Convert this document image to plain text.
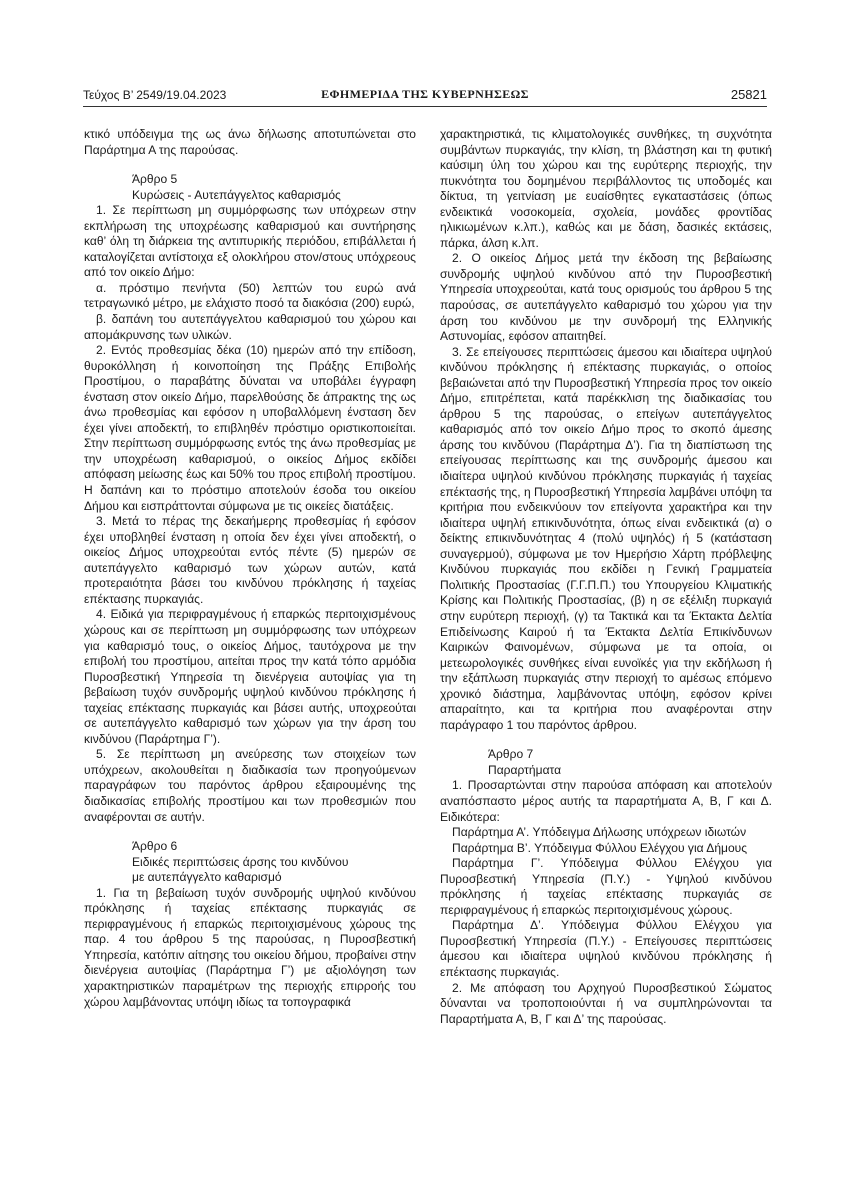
Τεύχος Β’ 2549/19.04.2023	ΕΦΗΜΕΡΙΔΑ ΤΗΣ ΚΥΒΕΡΝΗΣΕΩΣ	25821

κτικό υπόδειγμα της ως άνω δήλωσης αποτυπώνεται στο Παράρτημα Α της παρούσας.

Άρθρο 5

Κυρώσεις - Αυτεπάγγελτος καθαρισμός

1. Σε περίπτωση μη συμμόρφωσης των υπόχρεων στην εκπλήρωση της υποχρέωσης καθαρισμού και συντήρησης καθ’ όλη τη διάρκεια της αντιπυρικής περιόδου, επιβάλλεται ή καταλογίζεται αντίστοιχα εξ ολοκλήρου στον/στους υπόχρεους από τον οικείο Δήμο:

α. πρόστιμο πενήντα (50) λεπτών του ευρώ ανά τετραγωνικό μέτρο, με ελάχιστο ποσό τα διακόσια (200) ευρώ,

β. δαπάνη του αυτεπάγγελτου καθαρισμού του χώρου και απομάκρυνσης των υλικών.

2. Εντός προθεσμίας δέκα (10) ημερών από την επίδοση, θυροκόλληση ή κοινοποίηση της Πράξης Επιβολής Προστίμου, ο παραβάτης δύναται να υποβάλει έγγραφη ένσταση στον οικείο Δήμο, παρελθούσης δε άπρακτης της ως άνω προθεσμίας και εφόσον η υποβαλλόμενη ένσταση δεν έχει γίνει αποδεκτή, το επιβληθέν πρόστιμο οριστικοποιείται. Στην περίπτωση συμμόρφωσης εντός της άνω προθεσμίας με την υποχρέωση καθαρισμού, ο οικείος Δήμος εκδίδει απόφαση μείωσης έως και 50% του προς επιβολή προστίμου. Η δαπάνη και το πρόστιμο αποτελούν έσοδα του οικείου Δήμου και εισπράττονται σύμφωνα με τις οικείες διατάξεις.

3. Μετά το πέρας της δεκαήμερης προθεσμίας ή εφόσον έχει υποβληθεί ένσταση η οποία δεν έχει γίνει αποδεκτή, ο οικείος Δήμος υποχρεούται εντός πέντε (5) ημερών σε αυτεπάγγελτο καθαρισμό των χώρων αυτών, κατά προτεραιότητα βάσει του κινδύνου πρόκλησης ή ταχείας επέκτασης πυρκαγιάς.

4. Ειδικά για περιφραγμένους ή επαρκώς περιτοιχισμένους χώρους και σε περίπτωση μη συμμόρφωσης των υπόχρεων για καθαρισμό τους, ο οικείος Δήμος, ταυτόχρονα με την επιβολή του προστίμου, αιτείται προς την κατά τόπο αρμόδια Πυροσβεστική Υπηρεσία τη διενέργεια αυτοψίας για τη βεβαίωση τυχόν συνδρομής υψηλού κινδύνου πρόκλησης ή ταχείας επέκτασης πυρκαγιάς και βάσει αυτής, υποχρεούται σε αυτεπάγγελτο καθαρισμό των χώρων για την άρση του κινδύνου (Παράρτημα Γ’).

5. Σε περίπτωση μη ανεύρεσης των στοιχείων των υπόχρεων, ακολουθείται η διαδικασία των προηγούμενων παραγράφων του παρόντος άρθρου εξαιρουμένης της διαδικασίας επιβολής προστίμου και των προθεσμιών που αναφέρονται σε αυτήν.

Άρθρο 6

Ειδικές περιπτώσεις άρσης του κινδύνου

με αυτεπάγγελτο καθαρισμό

1. Για τη βεβαίωση τυχόν συνδρομής υψηλού κινδύνου πρόκλησης ή ταχείας επέκτασης πυρκαγιάς σε περιφραγμένους ή επαρκώς περιτοιχισμένους χώρους της παρ. 4 του άρθρου 5 της παρούσας, η Πυροσβεστική Υπηρεσία, κατόπιν αίτησης του οικείου δήμου, προβαίνει στην διενέργεια αυτοψίας (Παράρτημα Γ’) με αξιολόγηση των χαρακτηριστικών παραμέτρων της περιοχής επιρροής του χώρου λαμβάνοντας υπόψη ιδίως τα τοπογραφικά

χαρακτηριστικά, τις κλιματολογικές συνθήκες, τη συχνότητα συμβάντων πυρκαγιάς, την κλίση, τη βλάστηση και τη φυτική καύσιμη ύλη του χώρου και της ευρύτερης περιοχής, την πυκνότητα του δομημένου περιβάλλοντος τις υποδομές και δίκτυα, τη γειτνίαση με ευαίσθητες εγκαταστάσεις (όπως ενδεικτικά νοσοκομεία, σχολεία, μονάδες φροντίδας ηλικιωμένων κ.λπ.), καθώς και με δάση, δασικές εκτάσεις, πάρκα, άλση κ.λπ.

2. Ο οικείος Δήμος μετά την έκδοση της βεβαίωσης συνδρομής υψηλού κινδύνου από την Πυροσβεστική Υπηρεσία υποχρεούται, κατά τους ορισμούς του άρθρου 5 της παρούσας, σε αυτεπάγγελτο καθαρισμό του χώρου για την άρση του κινδύνου με την συνδρομή της Ελληνικής Αστυνομίας, εφόσον απαιτηθεί.

3. Σε επείγουσες περιπτώσεις άμεσου και ιδιαίτερα υψηλού κινδύνου πρόκλησης ή επέκτασης πυρκαγιάς, ο οποίος βεβαιώνεται από την Πυροσβεστική Υπηρεσία προς τον οικείο Δήμο, επιτρέπεται, κατά παρέκκλιση της διαδικασίας του άρθρου 5 της παρούσας, ο επείγων αυτεπάγγελτος καθαρισμός από τον οικείο Δήμο προς το σκοπό άμεσης άρσης του κινδύνου (Παράρτημα Δ’). Για τη διαπίστωση της επείγουσας περίπτωσης και της συνδρομής άμεσου και ιδιαίτερα υψηλού κινδύνου πρόκλησης πυρκαγιάς ή ταχείας επέκτασής της, η Πυροσβεστική Υπηρεσία λαμβάνει υπόψη τα κριτήρια που ενδεικνύουν τον επείγοντα χαρακτήρα και την ιδιαίτερα υψηλή επικινδυνότητα, όπως είναι ενδεικτικά (α) ο δείκτης επικινδυνότητας 4 (πολύ υψηλός) ή 5 (κατάσταση συναγερμού), σύμφωνα με τον Ημερήσιο Χάρτη πρόβλεψης Κινδύνου πυρκαγιάς που εκδίδει η Γενική Γραμματεία Πολιτικής Προστασίας (Γ.Γ.Π.Π.) του Υπουργείου Κλιματικής Κρίσης και Πολιτικής Προστασίας, (β) η σε εξέλιξη πυρκαγιά στην ευρύτερη περιοχή, (γ) τα Τακτικά και τα Έκτακτα Δελτία Επιδείνωσης Καιρού ή τα Έκτακτα Δελτία Επικίνδυνων Καιρικών Φαινομένων, σύμφωνα με τα οποία, οι μετεωρολογικές συνθήκες είναι ευνοϊκές για την εκδήλωση ή την εξάπλωση πυρκαγιάς στην περιοχή το αμέσως επόμενο χρονικό διάστημα, λαμβάνοντας υπόψη, εφόσον κρίνει απαραίτητο, και τα κριτήρια που αναφέρονται στην παράγραφο 1 του παρόντος άρθρου.

Άρθρο 7

Παραρτήματα

1. Προσαρτώνται στην παρούσα απόφαση και αποτελούν αναπόσπαστο μέρος αυτής τα παραρτήματα Α, Β, Γ και Δ. Ειδικότερα:

Παράρτημα Α’. Υπόδειγμα Δήλωσης υπόχρεων ιδιωτών

Παράρτημα Β’. Υπόδειγμα Φύλλου Ελέγχου για Δήμους

Παράρτημα Γ’. Υπόδειγμα Φύλλου Ελέγχου για Πυροσβεστική Υπηρεσία (Π.Υ.) - Υψηλού κινδύνου πρόκλησης ή ταχείας επέκτασης πυρκαγιάς σε περιφραγμένους ή επαρκώς περιτοιχισμένους χώρους.

Παράρτημα Δ’. Υπόδειγμα Φύλλου Ελέγχου για Πυροσβεστική Υπηρεσία (Π.Υ.) - Επείγουσες περιπτώσεις άμεσου και ιδιαίτερα υψηλού κινδύνου πρόκλησης ή επέκτασης πυρκαγιάς.

2. Με απόφαση του Αρχηγού Πυροσβεστικού Σώματος δύνανται να τροποποιούνται ή να συμπληρώνονται τα Παραρτήματα Α, Β, Γ και Δ’ της παρούσας.
